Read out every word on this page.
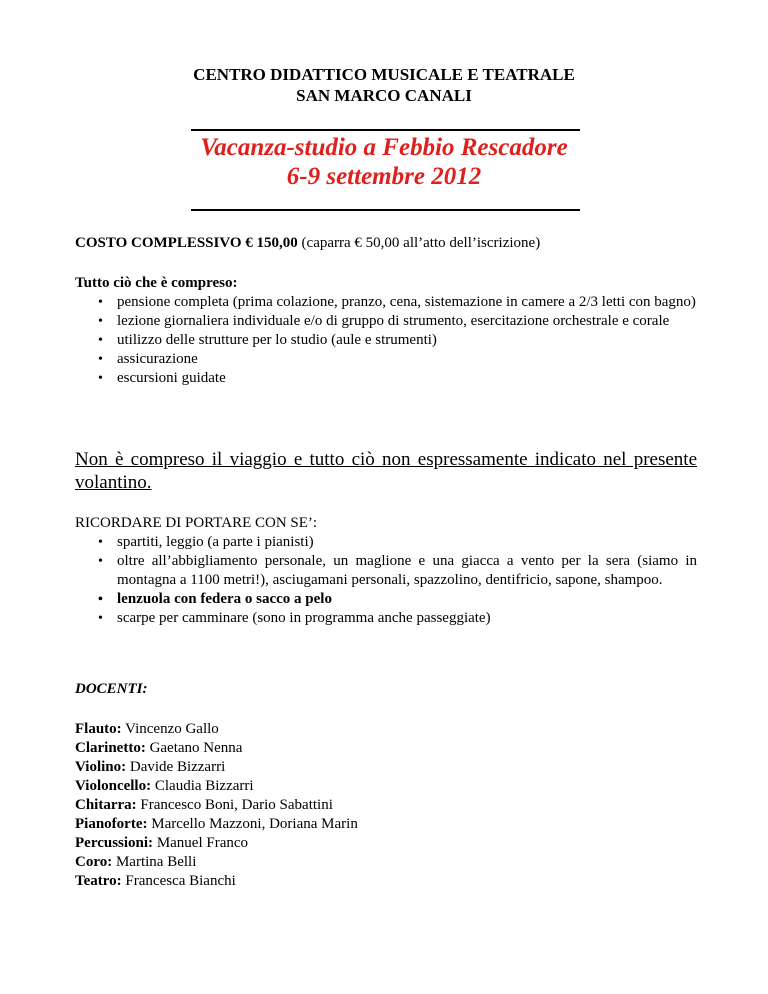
CENTRO DIDATTICO MUSICALE E TEATRALE
SAN MARCO CANALI
Vacanza-studio a Febbio Rescadore
6-9 settembre 2012
COSTO COMPLESSIVO € 150,00 (caparra € 50,00 all’atto dell’iscrizione)
Tutto ciò che è compreso:
• pensione completa (prima colazione, pranzo, cena, sistemazione in camere a 2/3 letti con bagno)
• lezione giornaliera individuale e/o di gruppo di strumento, esercitazione orchestrale e corale
• utilizzo delle strutture per lo studio (aule e strumenti)
• assicurazione
• escursioni guidate
Non è compreso il viaggio e tutto ciò non espressamente indicato nel presente volantino.
RICORDARE DI PORTARE CON SE’:
• spartiti, leggio (a parte i pianisti)
• oltre all’abbigliamento personale, un maglione e una giacca a vento per la sera (siamo in montagna a 1100 metri!), asciugamani personali, spazzolino, dentifricio, sapone, shampoo.
• lenzuola con federa o sacco a pelo
• scarpe per camminare (sono in programma anche passeggiate)
DOCENTI:
Flauto: Vincenzo Gallo
Clarinetto: Gaetano Nenna
Violino: Davide Bizzarri
Violoncello: Claudia Bizzarri
Chitarra: Francesco Boni, Dario Sabattini
Pianoforte: Marcello Mazzoni, Doriana Marin
Percussioni: Manuel Franco
Coro: Martina Belli
Teatro: Francesca Bianchi
